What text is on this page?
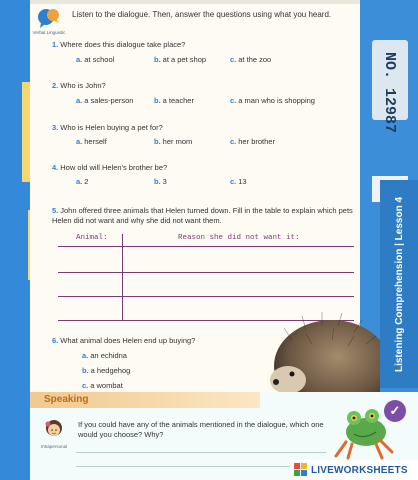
NO. 12987
Listening Comprehension | Lesson 4
Verbal Linguistic
Listen to the dialogue. Then, answer the questions using what you heard.
1. Where does this dialogue take place?
a. at school	b. at a pet shop	c. at the zoo
2. Who is John?
a. a sales-person	b. a teacher	c. a man who is shopping
3. Who is Helen buying a pet for?
a. herself	b. her mom	c. her brother
4. How old will Helen's brother be?
a. 2	b. 3	c. 13
5. John offered three animals that Helen turned down. Fill in the table to explain which pets Helen did not want and why she did not want them.
Animal:	Reason she did not want it:
6. What animal does Helen end up buying?
a. an echidna
b. a hedgehog
c. a wombat
Speaking
Intrapersonal
If you could have any of the animals mentioned in the dialogue, which one would you choose? Why?
✓
LIVEWORKSHEETS
